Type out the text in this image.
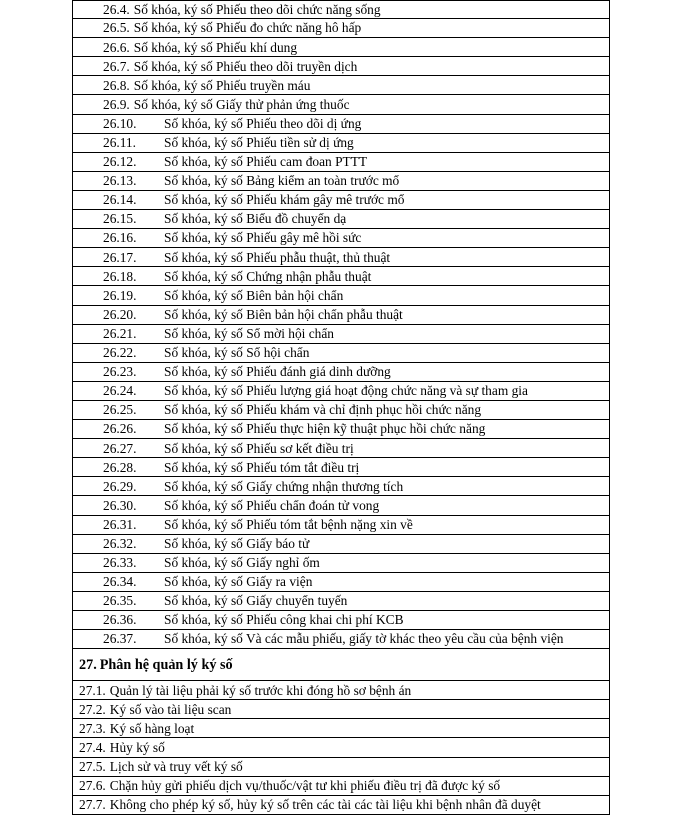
26.4. Số khóa, ký số Phiếu theo dõi chức năng sống
26.5. Số khóa, ký số Phiếu đo chức năng hô hấp
26.6. Số khóa, ký số Phiếu khí dung
26.7. Số khóa, ký số Phiếu theo dõi truyền dịch
26.8. Số khóa, ký số Phiếu truyền máu
26.9. Số khóa, ký số Giấy thử phản ứng thuốc
26.10.	Số khóa, ký số Phiếu theo dõi dị ứng
26.11.	Số khóa, ký số Phiếu tiền sử dị ứng
26.12.	Số khóa, ký số Phiếu cam đoan PTTT
26.13.	Số khóa, ký số Bảng kiểm an toàn trước mổ
26.14.	Số khóa, ký số Phiếu khám gây mê trước mổ
26.15.	Số khóa, ký số Biểu đồ chuyển dạ
26.16.	Số khóa, ký số Phiếu gây mê hồi sức
26.17.	Số khóa, ký số Phiếu phẫu thuật, thủ thuật
26.18.	Số khóa, ký số Chứng nhận phẫu thuật
26.19.	Số khóa, ký số Biên bản hội chẩn
26.20.	Số khóa, ký số Biên bản hội chẩn phẫu thuật
26.21.	Số khóa, ký số Sổ mời hội chẩn
26.22.	Số khóa, ký số Sổ hội chẩn
26.23.	Số khóa, ký số Phiếu đánh giá dinh dưỡng
26.24.	Số khóa, ký số Phiếu lượng giá hoạt động chức năng và sự tham gia
26.25.	Số khóa, ký số Phiếu khám và chỉ định phục hồi chức năng
26.26.	Số khóa, ký số Phiếu thực hiện kỹ thuật phục hồi chức năng
26.27.	Số khóa, ký số Phiếu sơ kết điều trị
26.28.	Số khóa, ký số Phiếu tóm tắt điều trị
26.29.	Số khóa, ký số Giấy chứng nhận thương tích
26.30.	Số khóa, ký số Phiếu chẩn đoán tử vong
26.31.	Số khóa, ký số Phiếu tóm tắt bệnh nặng xin về
26.32.	Số khóa, ký số Giấy báo tử
26.33.	Số khóa, ký số Giấy nghỉ ốm
26.34.	Số khóa, ký số Giấy ra viện
26.35.	Số khóa, ký số Giấy chuyển tuyến
26.36.	Số khóa, ký số Phiếu công khai chi phí KCB
26.37.	Số khóa, ký số Và các mẫu phiếu, giấy tờ khác theo yêu cầu của bệnh viện
27. Phân hệ quản lý ký số
27.1. Quản lý tài liệu phải ký số trước khi đóng hồ sơ bệnh án
27.2. Ký số vào tài liệu scan
27.3. Ký số hàng loạt
27.4. Hủy ký số
27.5. Lịch sử và truy vết ký số
27.6. Chặn hủy gửi phiếu dịch vụ/thuốc/vật tư khi phiếu điều trị đã được ký số
27.7. Không cho phép ký số, hủy ký số trên các tài các tài liệu khi bệnh nhân đã duyệt
